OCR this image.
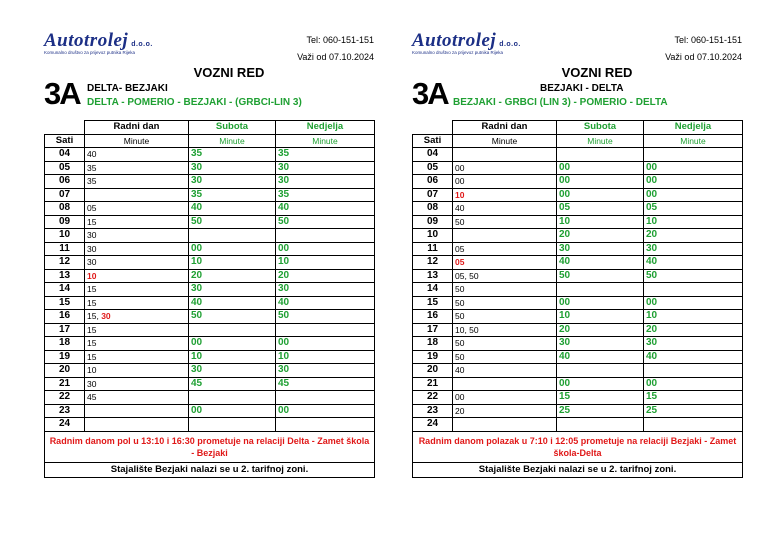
Autotrolej d.o.o.
Komunalno društvo za prijevoz putnika Rijeka
Tel: 060-151-151
Važi od 07.10.2024
VOZNI RED
3A DELTA- BEZJAKI
DELTA - POMERIO - BEZJAKI - (GRBCI-LIN 3)
	Radni dan	Subota	Nedjelja
Sati	Minute	Minute	Minute
04	40	35	35
05	35	30	30
06	35	30	30
07		35	35
08	05	40	40
09	15	50	50
10	30		
11	30	00	00
12	30	10	10
13	10	20	20
14	15	30	30
15	15	40	40
16	15, 30	50	50
17	15		
18	15	00	00
19	15	10	10
20	10	30	30
21	30	45	45
22	45		
23		00	00
24			
Radnim danom pol u 13:10 i 16:30 prometuje na relaciji Delta - Zamet škola - Bezjaki			
Stajalište Bezjaki nalazi se u 2. tarifnoj zoni.			
Autotrolej d.o.o.
Komunalno društvo za prijevoz putnika Rijeka
Tel: 060-151-151
Važi od 07.10.2024
VOZNI RED
3A	BEZJAKI - DELTA
BEZJAKI - GRBCI (LIN 3) - POMERIO - DELTA
	Radni dan	Subota	Nedjelja
Sati	Minute	Minute	Minute
04			
05	00	00	00
06	00	00	00
07	10	00	00
08	40	05	05
09	50	10	10
10		20	20
11	05	30	30
12	05	40	40
13	05, 50	50	50
14	50		
15	50	00	00
16	50	10	10
17	10, 50	20	20
18	50	30	30
19	50	40	40
20	40		
21		00	00
22	00	15	15
23	20	25	25
24			
Radnim danom polazak u 7:10 i 12:05 prometuje na relaciji Bezjaki - Zamet škola-Delta			
Stajalište Bezjaki nalazi se u 2. tarifnoj zoni.			
